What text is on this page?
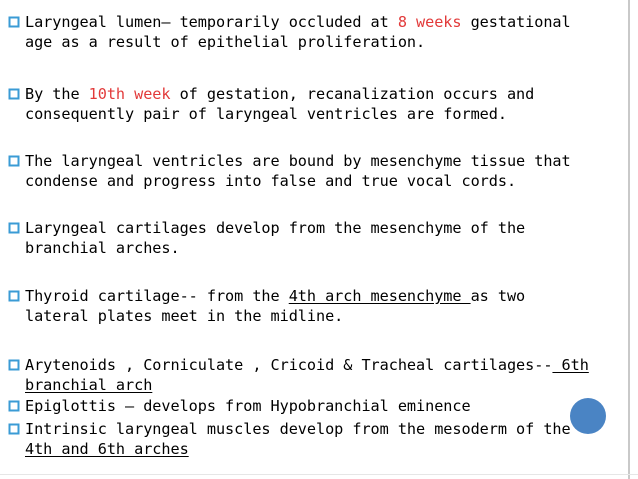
Laryngeal lumen— temporarily occluded at 8 weeks gestational
age as a result of epithelial proliferation.
By the 10th week of gestation, recanalization occurs and
consequently pair of laryngeal ventricles are formed.
The laryngeal ventricles are bound by mesenchyme tissue that
condense and progress into false and true vocal cords.
Laryngeal cartilages develop from the mesenchyme of the
branchial arches.
Thyroid cartilage-- from the 4th arch mesenchyme as two
lateral plates meet in the midline.
Arytenoids , Corniculate , Cricoid & Tracheal cartilages-- 6th
branchial arch
Epiglottis — develops from Hypobranchial eminence
Intrinsic laryngeal muscles develop from the mesoderm of the
4th and 6th arches
